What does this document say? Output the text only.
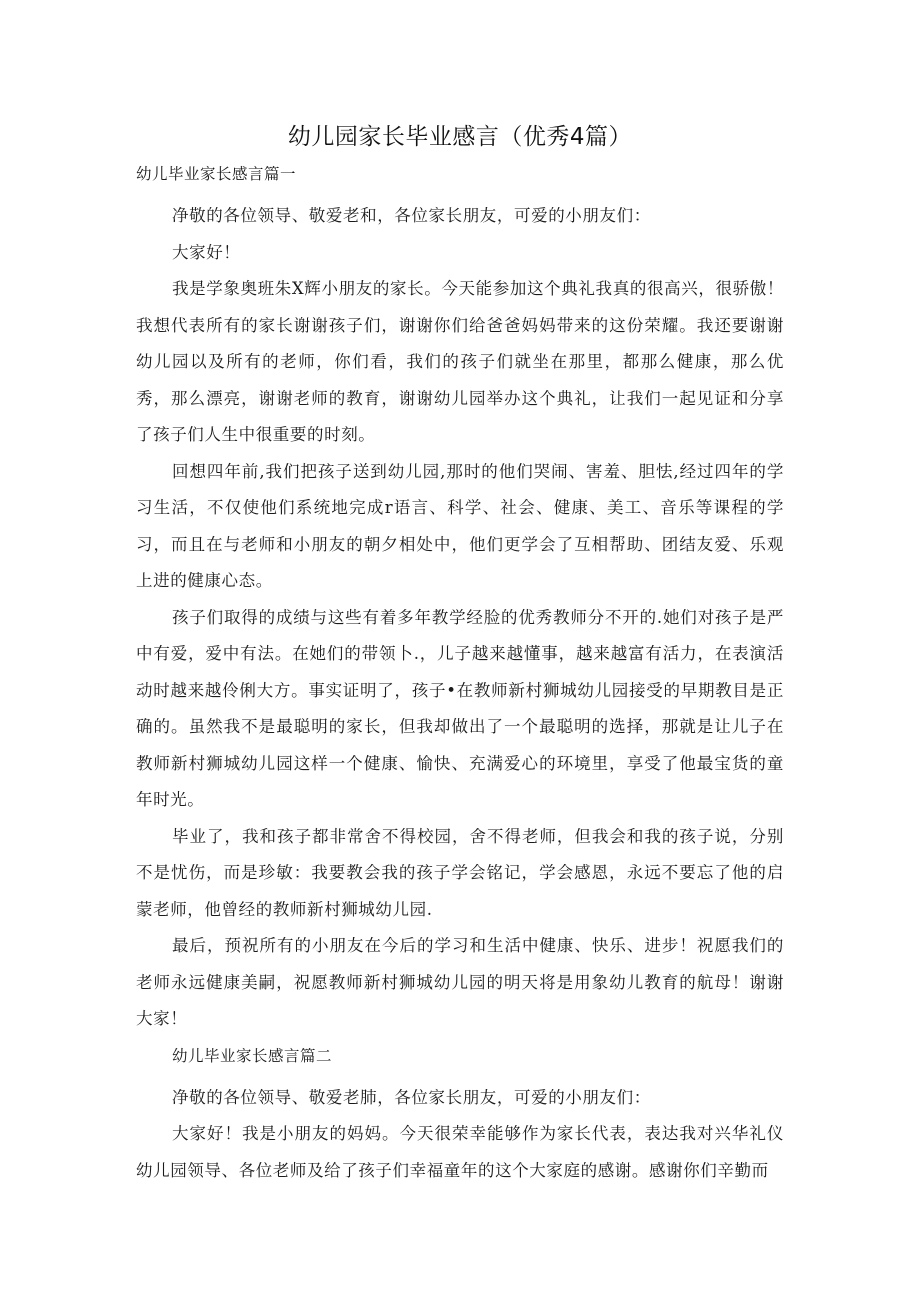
幼儿园家长毕业感言（优秀4篇）
幼儿毕业家长感言篇一

净敬的各位领导、敬爱老和，各位家长朋友，可爱的小朋友们：

大家好！

我是学象奥班朱X辉小朋友的家长。今天能参加这个典礼我真的很高兴，很骄傲！我想代表所有的家长谢谢孩子们，谢谢你们给爸爸妈妈带来的这份荣耀。我还要谢谢幼儿园以及所有的老师，你们看，我们的孩子们就坐在那里，都那么健康，那么优秀，那么漂亮，谢谢老师的教育，谢谢幼儿园举办这个典礼，让我们一起见证和分享了孩子们人生中很重要的时刻。

回想四年前,我们把孩子送到幼儿园,那时的他们哭闹、害羞、胆怯,经过四年的学习生活，不仅使他们系统地完成r语言、科学、社会、健康、美工、音乐等课程的学习，而且在与老师和小朋友的朝夕相处中，他们更学会了互相帮助、团结友爱、乐观上进的健康心态。

孩子们取得的成绩与这些有着多年教学经脸的优秀教师分不开的.她们对孩子是严中有爱，爱中有法。在她们的带领卜.，儿子越来越懂事，越来越富有活力，在表演活动时越来越伶俐大方。事实证明了，孩子•在教师新村狮城幼儿园接受的早期教目是正确的。虽然我不是最聪明的家长，但我却做出了一个最聪明的选择，那就是让儿子在教师新村狮城幼儿园这样一个健康、愉快、充满爱心的环境里，享受了他最宝货的童年时光。

毕业了，我和孩子都非常舍不得校园，舍不得老师，但我会和我的孩子说，分别不是忧伤，而是珍敏：我要教会我的孩子学会铭记，学会感恩，永远不要忘了他的启蒙老师，他曾经的教师新村狮城幼儿园.

最后，预祝所有的小朋友在今后的学习和生活中健康、快乐、进步！祝愿我们的老师永远健康美嗣，祝愿教师新村狮城幼儿园的明天将是用象幼儿教育的航母！谢谢大家！

幼儿毕业家长感言篇二

净敬的各位领导、敬爱老肺，各位家长朋友，可爱的小朋友们：

大家好！我是小朋友的妈妈。今天很荣幸能够作为家长代表，表达我对兴华礼仪幼儿园领导、各位老师及给了孩子们幸福童年的这个大家庭的感谢。感谢你们辛勤而
